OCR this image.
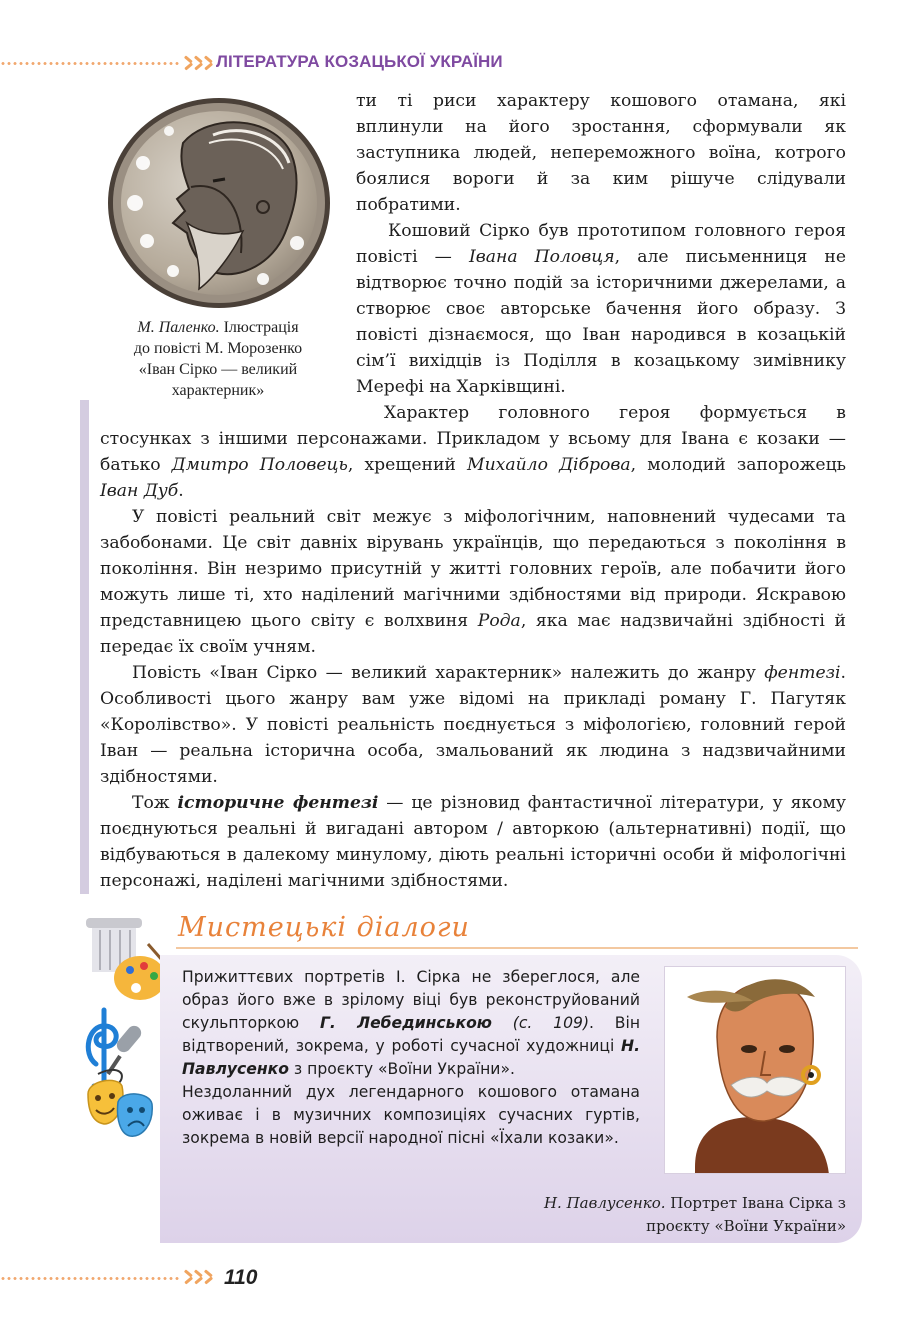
ЛІТЕРАТУРА КОЗАЦЬКОЇ УКРАЇНИ
М. Паленко. Ілюстрація
до повісті М. Морозенко
«Іван Сірко — великий
характерник»

ти ті риси характеру кошового отамана, які вплинули на його зростання, сформували як заступника людей, непереможного воїна, котрого боялися вороги й за ким рішуче слідували побратими.

Кошовий Сірко був прототипом головного героя повісті — Івана Половця, але письменниця не відтворює точно подій за історичними джерелами, а створює своє авторське бачення його образу. З повісті дізнаємося, що Іван народився в козацькій сім’ї вихідців із Поділля в козацькому зимівнику Мерефі на Харківщині.

Характер головного героя формується в стосунках з іншими персонажами. Прикладом у всьому для Івана є козаки — батько Дмитро Половець, хрещений Михайло Діброва, молодий запорожець Іван Дуб.

У повісті реальний світ межує з міфологічним, наповнений чудесами та забобонами. Це світ давніх вірувань українців, що передаються з покоління в покоління. Він незримо присутній у житті головних героїв, але побачити його можуть лише ті, хто наділений магічними здібностями від природи. Яскравою представницею цього світу є волхвиня Рода, яка має надзвичайні здібності й передає їх своїм учням.

Повість «Іван Сірко — великий характерник» належить до жанру фентезі. Особливості цього жанру вам уже відомі на прикладі роману Г. Пагутяк «Королівство». У повісті реальність поєднується з міфологією, головний герой Іван — реальна історична особа, змальований як людина з надзвичайними здібностями.

Тож історичне фентезі — це різновид фантастичної літератури, у якому поєднуються реальні й вигадані автором / авторкою (альтернативні) події, що відбуваються в далекому минулому, діють реальні історичні особи й міфологічні персонажі, наділені магічними здібностями.

Мистецькі діалоги

Прижиттєвих портретів І. Сірка не збереглося, але образ його вже в зрілому віці був реконструйований скульпторкою Г. Лебединською (с. 109). Він відтворений, зокрема, у роботі сучасної художниці Н. Павлусенко з проєкту «Воїни України».

Нездоланний дух легендарного кошового отамана оживає і в музичних композиціях сучасних гуртів, зокрема в новій версії народної пісні «Їхали козаки».

Н. Павлусенко. Портрет Івана Сірка з
проєкту «Воїни України»
110
